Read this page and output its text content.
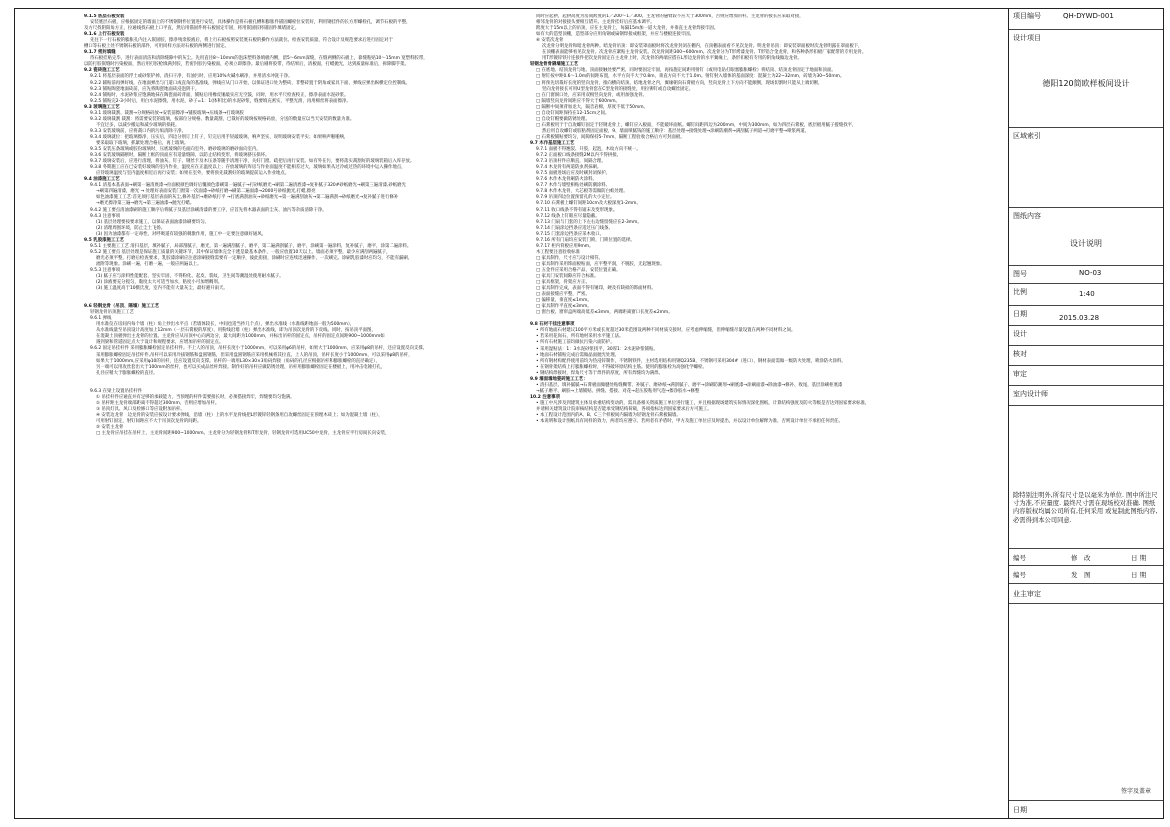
9.1.5 底层石板安装

安装底层石板，应根据固定的墙面上的不锈钢钢件位置进行安装，具体操作是将石板孔槽和膨胀件锚固螺栓位安装好，利用钢挂件的长方形螺栓孔，调节石板的平整，

及方尺找阴阳角方正，拉通线找石板上口平直，然后用锚固件将石板固定牢固，将用嵌固胶将锚固件填堵固定。

9.1.6 上行石板安装

先往下一行石板的膨胀孔内注入嵌固胶，擦净残余胶液后，将上行石板按照安装底石板的操作方法就位。检查安装质量，符合设计及规范要求后进行固定对于

槽口等石板上处不锈钢石板的部件，可用同样方法对石板的两侧进行固定。

9.1.7 密封填缝

待石板挂贴完毕，进行表面清洁和清除缝隙中的灰尘。先用直径8～10mm的泡沫塑料条填板内侧，留5～6mm深缝，在缝两侧的石板上，靠缝粘贴10～15mm 宽塑料胶带，

以防打胶嵌缝时污染板面，然后用打胶枪填满封胶，若密封胶污染板面，必须立即擦净。最后剔将胶带，待结果后，清板面，打蜡抛光，达到质量标准后，拆除脚手架。

9.2 瓷砖施工工艺

9.2.1 将基层表面的浮土或砂浆铲掉，清扫干净，有油污时，应用10%火碱水刷净，并用清水冲洗干净。

9.2.2 辅贴前再弹好线，在地面弹出与门道口成直角的基准线，弹线应从门口开始，以保证进口处为整砖，非整砖置于阴角或家具下面，弹线应弹出纵横定位控制线。

9.2.3 铺贴陶瓷地面砖前，应先将陶瓷地面砖浸泡阴干。

9.2.4 铺贴时，水泥砂浆应饱满地抹在陶瓷面砖背面，铺贴后用橡皮锤敲实应无空鼓，同时，用水平尺检查校正，擦净表面水泥砂浆。

9.2.5 铺贴完2-3小时后，用白水泥擦缝，用水泥，砂子=1：1(体积比)的水泥砂浆，缝要填充密实，平整光滑，再用棉丝将表面擦净。

9.3 玻璃施工工艺

9.3.1 玻璃裁割、裁割→分规格码放→安装前擦净→铺胶玻璃→压线条→打玻璃胶

9.3.2 玻璃裁割 裁割：将需要安装的玻璃，按部位分规格、数量裁割，已裁好的玻璃按规格码放，分送的数量应以当天安装的数量为准。

不宜过多，以减少搬运和减少玻璃的损耗。

9.3.3 安装玻璃前，应将裁口内的污垢清除干净。

9.3.4 玻璃就位：把玻璃擦净，压实后，四边分别订上钉子，钉完后用手轻敲玻璃，响声坚实，说明玻璃安装平实；如果响声啪啪响，

要采取取下玻璃，抓紧处理合格后，再上玻璃。

9.3.5 安装压条玻璃或胶份玻璃时，压底玻璃的毛面向室外，磨砂玻璃的磨砂面向室内。

9.3.6 安装玻璃隔断时，隔断上框的顶面应有适量缝隙，以防止结构变形，将玻璃挤压损坏。

9.3.7 玻璃安装后，应进行清理，将油灰、钉子、钢丝卡及木压条等随手清理干净，关好门窗。疏把后再行安装。如有外在污，要将落实裁割好的玻璃装箱后入库存放。

9.3.8 冬期施工应在已安装好玻璃的室内作业，温度应在正温度以上；存放玻璃的库房与作业面温度不能相差过大，玻璃如果从过冷或过热的环境中运入操作地点，

应待玻璃温度与室内温度相近后再行安装；如果在室外，要将预先裁割好的玻璃提前运入作业地点。

9.4 油漆施工工艺

9.4.1 清基本基表面→刷第一遍清底漆→拉面板颜色调好后覆颜色漆刷第一遍腻子→打砂纸磨光→刷第二遍清底漆→复补腻子320#砂纸磨光→刷第三遍清漆,砂纸磨光

→刷第四遍清漆，磨光 → 处理好表面安装门窗第一次面漆→砂纸打磨→刷第二遍面漆→2000号砂纸抛光,打蜡,擦亮

如色油漆施工工艺:首先须打基层表面的灰尘,修补基层→磨砂纸打平 →打底满刮油灰→砂纸磨光→第一遍满刮油灰→第二遍满刮→砂纸磨光→复补腻子进行修补

→磨光擦净第三遍→磨光→第三遍油漆→抛光打蜡。

9.4.2 施工要点清油漆刷的施工顺序后将腻子及基层涂刷清漆的要工序，应首先将木器表面的尘灰、油污等杂质清除干净。

9.4.3 注意事项

(1) 基层处理要按要求施工，以保证表面油漆涂刷要均匀。

(2) 清理周围环境，防止尘土飞扬。

(3) 因为油漆都有一定毒性，对呼吸道有较强的刺激作用，施工中一定要注意做好通风。

9.5 乳胶漆施工工艺

9.5.1 主要施工工艺 清扫基层，填补腻子，局部刮腻子，磨光，第一遍满刮腻子，磨平，第二遍满刮腻子，磨平，涂刷第一遍涂料，复补腻子，磨平，涂第二遍涂料。

9.5.2 施工要点 基层处理是保证施工质量的关键环节，其中保证墙体完全干透是最基本条件，一般应放置10天以上。墙面必须平整，最少应满刮两遍腻子，

磨光必须平整，打磨后检查要求，乳胶漆涂刷应注意涂刷接缝需要有一定顺序，彼此衔接，涂刷时应连续迅速操作，一次刷完。涂刷乳胶漆时应均匀，不能有漏刷、

流附等现象。涂刷一遍，打磨一遍，一般应两遍以上。

9.5.3 注意事项

(1) 腻子应与涂料性能配套，坚实牢固，不得粉化、起皮、裂纹，卫生间等潮湿处使用耐水腻子。

(2) 涂液要充分搅匀，黏度太大可适当加水，粘度小可加增稠剂。

(3) 施工温度高于10摄氏度，室内不能有大量灰尘，最好避开雨天。

9.6 轻钢龙骨（吊顶、隔墙）施工工艺

轻钢龙骨吊顶施工工艺

9.6.1 弹线

用水准仪在房间内每个墙（柱）角上抄出水平点（若墙体较长，中间也适当抄几个点），弹出水准线（水准线距地面一般为500mm），

从水准线量至吊顶设计高度加上12mm（一层石膏板的厚度），用粉线沿墙（柱）弹出水准线，即为吊顶次龙骨的下皮线。同时，按吊顶平面图，

在混凝土顶板弹出主龙骨的位置。主龙骨应从吊顶中心向两边分，最大间距为1000mm，并标出吊杆的固定点，吊杆的固定点间距900~1000mm如

遇到梁和管道固定点大于设计和规程要求，应增加吊杆的固定点。

9.6.2 固定吊挂杆件 采用膨胀螺栓固定吊挂杆件。不上人的吊顶，吊杆长度小于1000mm，可以采用φ6的吊杆，如果大于1000mm，应采用φ8的吊杆，还应设置反向支撑。

采用膨胀螺栓固定吊挂杆件,吊杆可以采用冷拔钢筋和盘圆钢筋，但采用盘圆钢筋应采用机械将其拉直。上人的吊顶，吊杆长度小于1000mm，可以采用φ8的吊杆，

如果大于1000mm,应采用φ10的吊杆，还应设置反向支撑。吊杆的一端用L30×30×3角码焊接（角码的孔径应根据吊杆和膨胀螺栓的直径确定），

另一端可以用攻丝套出大于100mm的丝杆，也可以买成品丝杆焊接。制作好的吊杆应做防锈处理，吊杆用膨胀螺栓固定在楼板上，用冲击电锤打孔，

孔径应稍大于膨胀螺栓的直径。

9.6.3 在梁上设置吊挂杆件

① 吊挂杆件应通直并有足够的承载能力，当预埋的杆件需要接长时，必须搭接焊牢，焊缝要均匀饱满。

② 吊杆距主龙骨端部距离不得超过300mm，否则应增加吊杆。

③ 吊顶灯具、风口及检修口等应设附加吊杆。

④ 安装边龙骨　边龙骨的安装应按设计要求弹线，沿墙（柱）上的水平龙骨线把L形镀锌轻钢条用自攻螺丝固定在预埋木砖上；如为混凝土墙（柱），

可用射钉固定，射钉间距应不大于吊顶次龙骨的间距。

⑤ 安装主龙骨

□ 主龙骨应吊挂在吊杆上，主龙骨间距900~1000mm。主龙骨分为轻钢龙骨和T形龙骨，轻钢龙骨可选用UC50中龙骨，主龙骨应平行房间长向安装，

同时应起拱，起拱高度为房间跨度的1／200～1／300。主龙骨的悬臂段不应大于300mm，否则应增加吊杆。主龙骨的接长应采取对接，

相邻龙骨的对接接头要相互错开。主龙骨挂好后应基本调平。

跨度大于15m以上的吊顶，应在主龙骨上，每隔15m加一道大龙骨，并垂直主龙骨焊接牢固。

如有大的造型顶棚，造型部分应用角钢或扁钢焊接成框架，并应与楼板连接牢固。

⑥ 安装次龙骨

次龙骨分明龙骨和暗龙骨两种。暗龙骨吊顶：即安装罩面板时将次龙骨封闭在棚内，在顶棚表面看不见次龙骨。明龙骨吊顶：即安装罩面板时次龙骨明露在罩面板下，

在顶棚表面能够看见次龙骨。次龙骨应紧贴主龙骨安装。次龙骨间距300~600mm。次龙骨分为T形烤漆龙骨、T形铝合金龙骨，和各种条形扣板厂家配带的专用龙骨。

用T形镀锌铁片连接件把次龙骨固定在主龙骨上时，次龙骨的两端应搭在L形边龙骨的水平翼缘上，条形扣板有专用的阴角线做边龙骨。

轻钢龙骨骨隔墙施工工艺

□ 在底地、结顶龙骨与地、顶面接触处要严密，同时要固定牢固，再按施定间距用射钉（或用电钻打眼塞膨胀螺栓）将结顶、结顶龙骨固定于地面和顶面。

□ 射钉按中距0.6～1.0m的间距布置，水平方向不大于0.8m，垂直方向不大于1.0m。射钉射入墙体的基面深度：混凝土为22~32mm，砖墙为30~50mm。

□ 将预先切裁好长度的竖向龙骨，推向横向结顶、结地龙骨之内，翼缘朝向石膏板方向，竖向龙骨上下方向不能颠倒，现场切割时只能从上端切断，

竖向龙骨接长可用U型龙骨套在C型龙骨的接缝处，用拉铆钉或自攻螺丝固定。

□ 在门窗洞口处，应采用双根竖向龙骨，或用加强龙骨。

□ 隔墙竖向龙骨间距应不得大于600mm。

□ 隔断中间须背加龙大，隔音岩棉，厚度不低于50mm。

□ 自攻钉间距保持在12-15cm之间。

□ 自攻钉帽要做防锈处理。

□ 石膏板用于于自攻螺钉固定于轻钢龙骨上，螺钉应入板面，不能破坏面纸。螺钉间距四边为200mm，中间为300mm，如为四层石膏板，底层板用膩子拨缝找平，

然后用自攻螺钉或胶粘剂固定面板，9、墙面喷腻钱的施工顺序：基层处理→接缝处理→涂刷防潮剂→满刮腻子两道→打磨平整→喷浆两道。

□ 石膏板铺贴要均匀，间隙保持5-7mm，隔断工程验收合格后方可封面板。

9.7 木作基层施工工艺

9.7.1 面板不得翘裂、开胶，起泡，木纹方向不统一。

9.7.2 正面板口线条接缝2M以内不得拼接。

9.7.3 吊顶杆件应顺直，间隔合理。

9.7.4 木龙骨有两道防虫剂抹刷。

9.7.5 面板进场后应及时刷封闭保护。

9.7.6 木作木龙骨刷防火涂料。

9.7.7 木作与墙壁相贴处刷防潮涂料。

9.7.8 木作木龙骨，大芯板等需做防白蚁处理。

9.7.9 吊顶四边位置预留孔的大小定位。

9.7.10 石膏板上螺钉间距10cm及大板深度1-2mm。

9.7.11 收口线条不得有锯末及变形现象。

9.7.12 线条上钉眼应尽量隐蔽。

9.7.13 门扇与门套的上下左右边缝留缝应在2-3mm。

9.7.14 门扇涂边挡条应适过压门线条。

9.7.15 门套涂边挡条应采木收口。

9.7.16 所有门扇均应安装门锁，门锁位置的选择。

9.7.17 柜内背板应用9mm。

木工程要注意验收标准

□ 家具制作，尺寸应与设计相符。

□ 家具制作采用饰面板贴面，应平整平润，不脱胶，无起翘现象。

□ 五金件应采用合格产品，安装位置正确。

□ 家具门安装间隙应符合标准。

□ 家具框架，骨架应方正。

□ 家具制作完成，表面不得有锤印，硬及有缺损的饰面材料。

□ 表面接缝应平整，严密。

□ 偏移量，垂直度≤1mm。

□ 家具制作平直度≤3mm。

□ 窗台板、窗帘盒两端高低差≤3mm，两端距离窗口长度差≤2mm。

9.8 石材干挂注意事项

• 所有地面石材建议100平方米或长度超过30米范围设两种不同材质交接时，应考虑伸缩缝，但伸缩缝尽量设置在两种不同材料之间。

• 若采用花岗石，所有地材采用水平施工法。

• 所有石材施工前均做抗污染六面防护。

• 采用湿贴法：1：3水泥砂浆找平，30厚1：2水泥砂浆铺贴。

• 地面石材铺贴完成后需做晶面抛光处理。

• 所有钢材构配件使用前均为热浸锌制作，不锈钢铁件，主材选用结构用钢Q235B，不锈钢可采用304#（进口），钢材表面需做一级防火处理，喷涂防火涂料。

• 在钢骨架结构上打膨胀螺栓时，不得破坏原结构主筋。使用的膨胀栓为高强化学螺栓。

• 钢结构焊接时，焊角尺寸等于焊件的厚度，所有焊缝均为满焊。

9.9 墙面墙地瓷砖施工工艺：

• 清扫基层、填补腻腻→石膏板面做腱处贴缝糊带、补腻子、磨砂纸→满刮腻子、磨平→涂刷防潮剂→刷底漆→涂刷面漆→除油漆→修补、收尾，基层涂刷柜底漆

→腻子磨平、刷胶→上墙铺贴、拼缝、搭接、对花→赶压胶粘剂气泡→擦净胶水→修整

10.2 注意事项

• 施工中凡涉及到建筑主体及承重结构变动的，需具备相关资质施工单位进行施工，并且根据现场建筑实际情况深化图纸，计算结构强度及防火等级是否达到国家要求标准，

并请相关建筑设计院审核结构是否能承受钢结构荷载，各项指标达到国家要求后方可施工。

• 本工程设计范围内的A、B、C三个样板间内隔墙为轻钢龙骨石膏板隔墙。

• 本说明和设计图纸具有同样的效力，两者均应遵守。若两者有矛盾时，甲方及施工单位应及时提出，并以设计单位解释为准，否则设计单位不承担任何责任。

项目编号	QH-DYWD-001
设计项目
德阳120简欧样板间设计
区域索引
图纸内容
设计说明
图号	NO-03
比例	1:40
日期	2015.03.28
设计
核对
审定
室内设计师
除特别注明外,所有尺寸是以毫米为单位. 图中所注尺寸为准,不应量度. 最终尺寸需在现场校对准确. 图纸内容版权均属公司所有,任何采用 或复制此图纸内容,必需得到本公司同意.
编号	修　改	日 期
编号	发　图	日 期
业主审定
签字及盖章
日期
